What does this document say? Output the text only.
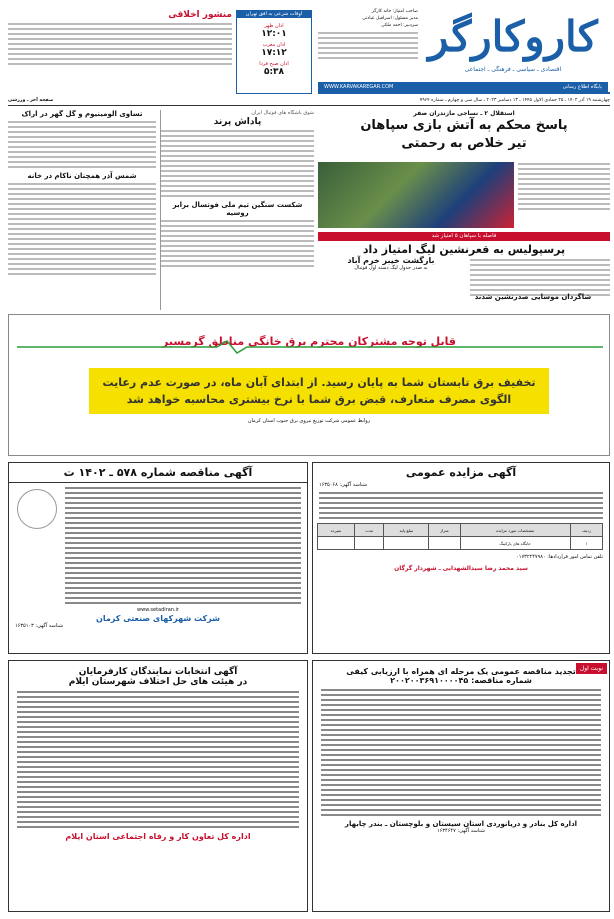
کاروکارگر
اقتصادی ـ سیاسی ـ فرهنگی ـ اجتماعی
صاحب امتیاز: خانه کارگر
مدیر مسئول: اسرافیل عبادتی
سردبیر: احمد ملکی
پایگاه اطلاع رسانی
WWW.KARVAKAREGAR.COM
اوقات شرعی به افق تهران
اذان ظهر
۱۲:۰۱
اذان مغرب
۱۷:۱۲
اذان صبح فردا
۵:۳۸
منشور اخلاقی
چهارشنبه ۱۹ آذر ۱۴۰۲ ـ ۲۵ جمادی الاول ۱۴۴۵ ـ ۱۳ دسامبر ۲۰۲۳ ـ سال سی و چهارم ـ شماره ۷۹۶۴
صفحه آخر ـ ورزشی
استقلال ۲ ـ نساجی مازندران صفر
پاسخ محکم به آتش بازی سپاهان
تیر خلاص به رحمتی
شوق باشگاه های فوتبال ایران
پاداش پرند
شکست سنگین تیم ملی فوتسال برابر روسیه
تساوی آلومینیوم و گل گهر در اراک
شمس آذر همچنان ناکام در خانه
فاصله با سپاهان ۵ امتیاز شد
پرسپولیس به قعرنشین لیگ امتیاز داد
بازگشت خیبر خرم آباد
به صدر جدول لیگ دسته اول فوتبال
شاگردان موسایی صدرنشین شدند
قابل توجه مشترکان محترم برق خانگی مناطق گرمسیر
تخفیف برق تابستان شما به پایان رسید. از ابتدای آبان ماه، در صورت عدم رعایت الگوی مصرف متعارف، قبض برق شما با نرخ بیشتری محاسبه خواهد شد
روابط عمومی شرکت توزیع نیروی برق جنوب استان کرمان
آگهی مناقصه شماره ۵۷۸ ـ ۱۴۰۲ ت
www.setadiran.ir
شرکت شهرکهای صنعتی کرمان
شناسه آگهی: ۱۶۳۵۱۰۳
آگهی مزایده عمومی
شناسه آگهی: ۱۶۳۵۰۶۸
ردیف	مشخصات مورد مزایده	متراژ	مبلغ پایه	مدت	سپرده
۱	جایگاه های پارکینگ				
تلفن تماس امور قراردادها: ۰۱۷۳۲۲۴۷۹۸۰
سید محمد رضا سیدالشهدایی ـ شهردار گرگان
آگهی انتخابات نمایندگان کارفرمایان
در هیئت های حل اختلاف شهرستان ایلام
اداره کل تعاون کار و رفاه اجتماعی استان ایلام
نوبت اول
تجدید مناقصه عمومی یک مرحله ای همراه با ارزیابی کیفی
شماره مناقصه: ۲۰۰۲۰۰۳۶۹۱۰۰۰۰۴۵
اداره کل بنادر و دریانوردی استان سیستان و بلوچستان ـ بندر چابهار
شناسه آگهی: ۱۶۳۴۶۴۷
